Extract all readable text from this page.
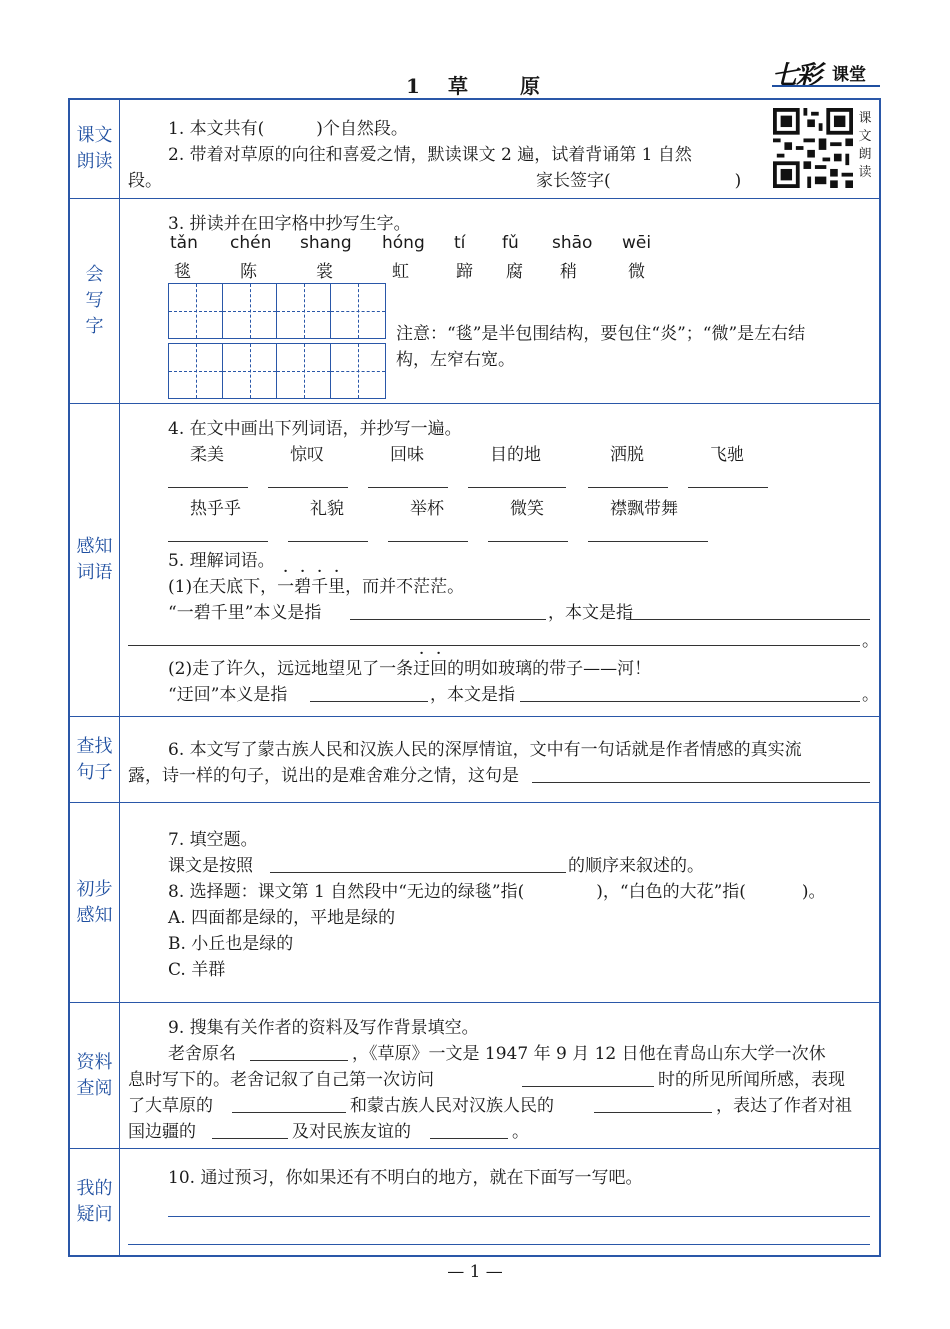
1　草　　原	七彩 课堂
课文
朗读
1. 本文共有(	)个自然段。
2. 带着对草原的向往和喜爱之情，默读课文 2 遍，试着背诵第 1 自然
段。	家长签字(	)
课
文
朗
读
会
写
字
3. 拼读并在田字格中抄写生字。
tǎn chén shang hóng tí fǔ shāo wēi
毯	陈	裳	虹	蹄 腐 稍	微
注意：“毯”是半包围结构，要包住“炎”；“微”是左右结
构，左窄右宽。
感知
词语
4. 在文中画出下列词语，并抄写一遍。
柔美	惊叹	回味	目的地	洒脱	飞驰
热乎乎	礼貌	举杯	微笑	襟飘带舞
5. 理解词语。
(1)在天底下，一碧千里，而并不茫茫。
“一碧千里”本义是指	，本文是指
。
(2)走了许久，远远地望见了一条迂回的明如玻璃的带子——河！
“迂回”本义是指	，本文是指	。
查找
句子
6. 本文写了蒙古族人民和汉族人民的深厚情谊，文中有一句话就是作者情感的真实流
露，诗一样的句子，说出的是难舍难分之情，这句是
初步
感知
7. 填空题。
课文是按照	的顺序来叙述的。
8. 选择题：课文第 1 自然段中“无边的绿毯”指(	)，“白色的大花”指(	)。
A. 四面都是绿的，平地是绿的
B. 小丘也是绿的
C. 羊群
资料
查阅
9. 搜集有关作者的资料及写作背景填空。
老舍原名	，《草原》一文是 1947 年 9 月 12 日他在青岛山东大学一次休
息时写下的。老舍记叙了自己第一次访问	时的所见所闻所感，表现
了大草原的	和蒙古族人民对汉族人民的	，表达了作者对祖
国边疆的	及对民族友谊的	。
我的
疑问
10. 通过预习，你如果还有不明白的地方，就在下面写一写吧。
— 1 —
